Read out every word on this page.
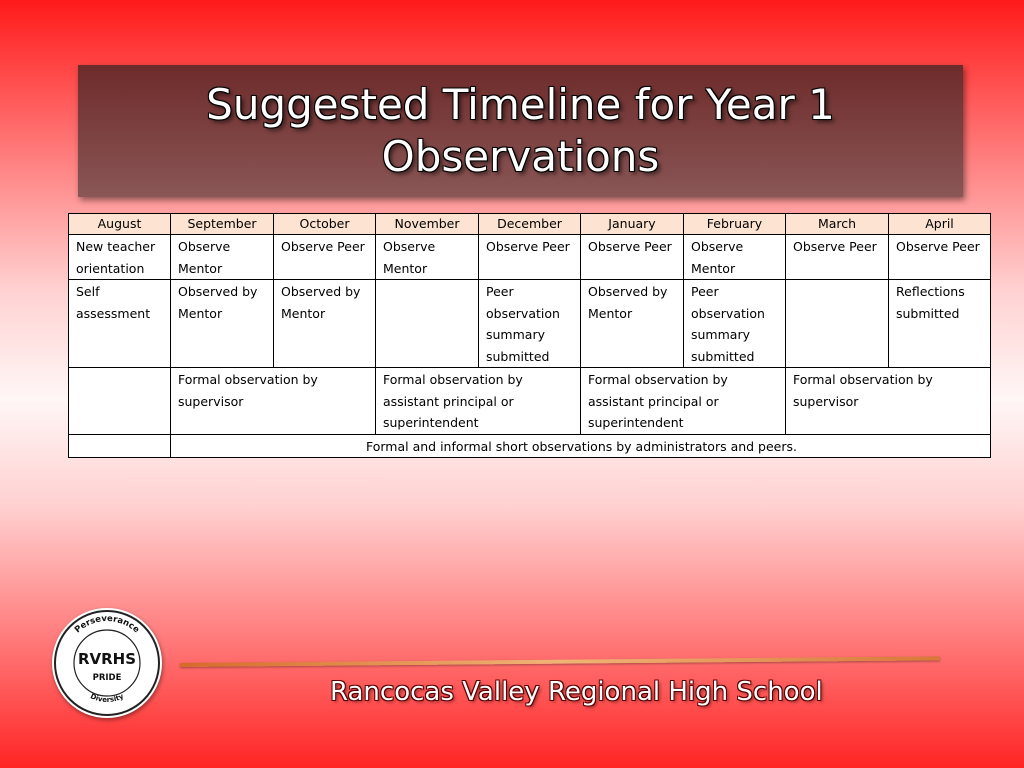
Suggested Timeline for Year 1
Observations
August	September	October	November	December	January	February	March	April
New teacher orientation	Observe Mentor	Observe Peer	Observe Mentor	Observe Peer	Observe Peer	Observe Mentor	Observe Peer	Observe Peer
Self assessment	Observed by Mentor	Observed by Mentor		Peer observation summary submitted	Observed by Mentor	Peer observation summary submitted		Reflections submitted
	Formal observation by supervisor		Formal observation by assistant principal or superintendent		Formal observation by assistant principal or superintendent		Formal observation by supervisor	
	Formal and informal short observations by administrators and peers.							
Perseverance
Diversity
RVRHS
PRIDE	Rancocas Valley Regional High School
